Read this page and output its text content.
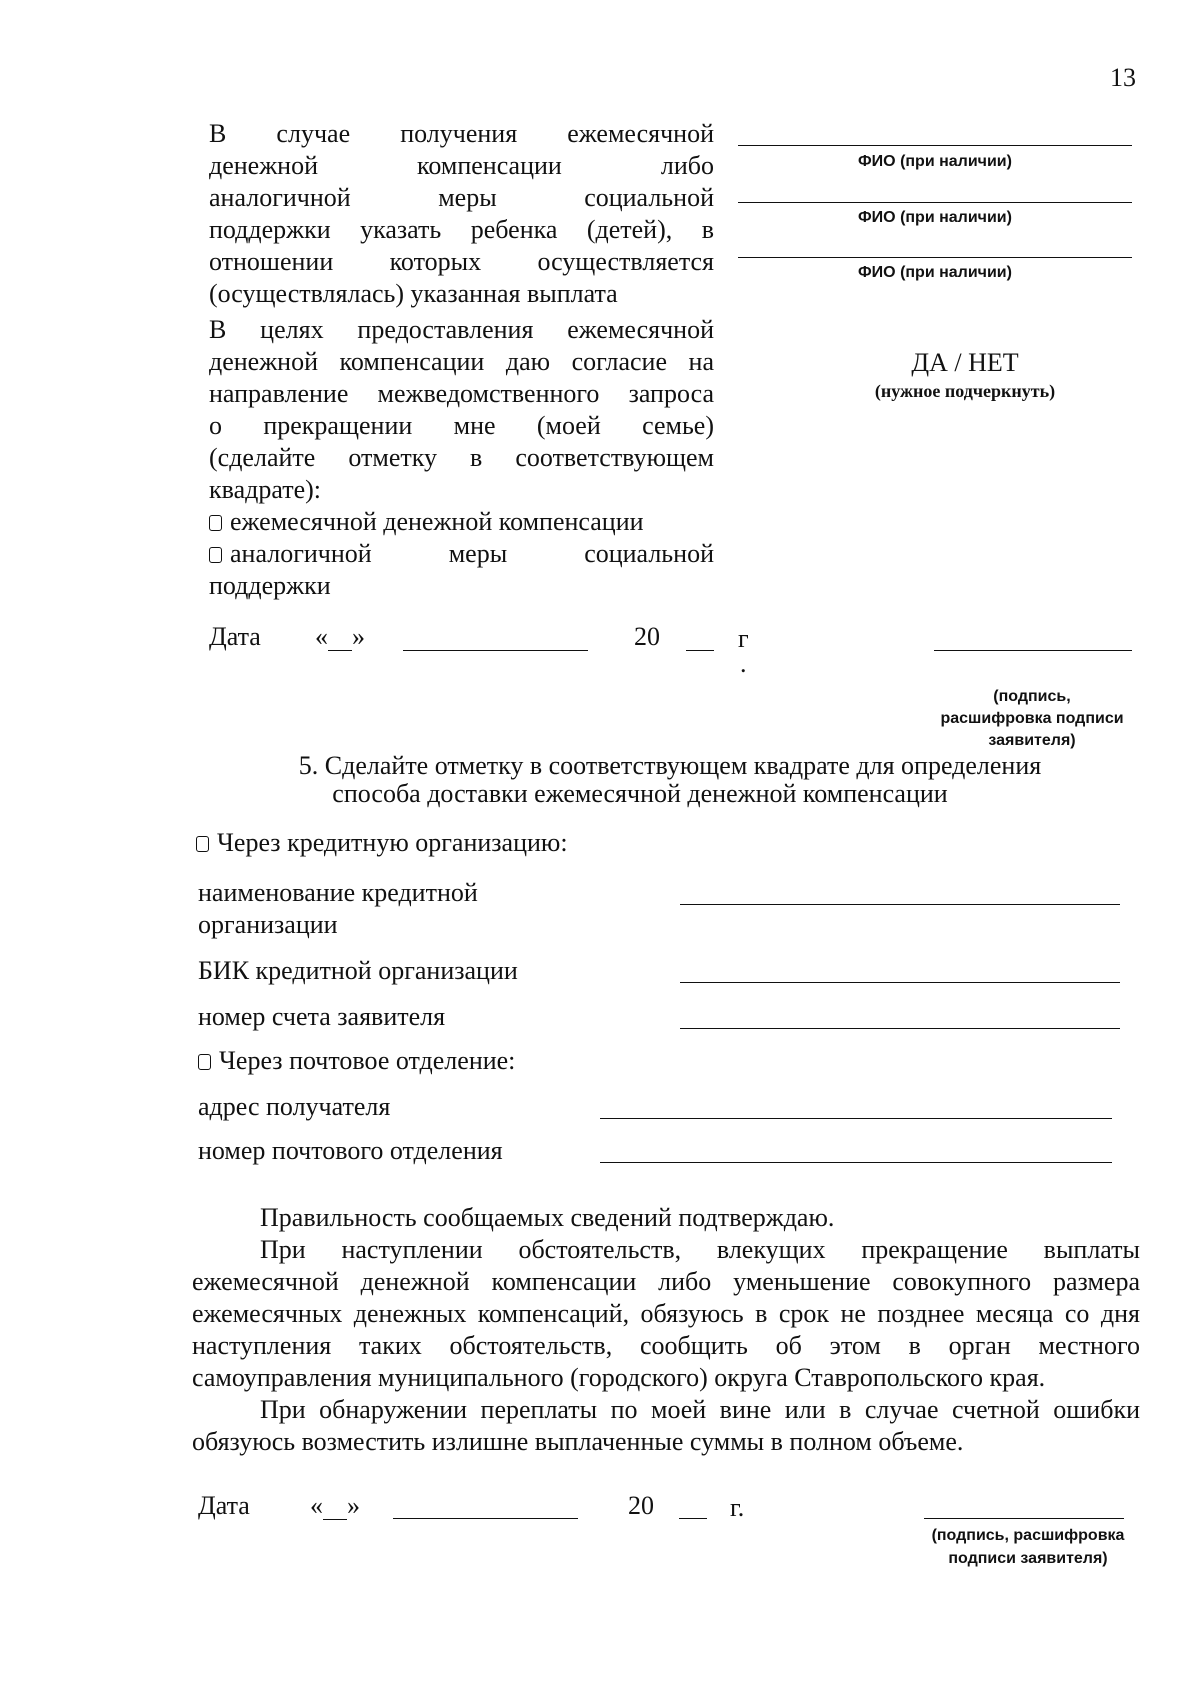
13
В случае получения ежемесячной
денежной компенсации либо
аналогичной меры социальной
поддержки указать ребенка (детей), в
отношении которых осуществляется
(осуществлялась) указанная выплата
ФИО (при наличии)
ФИО (при наличии)
ФИО (при наличии)
В целях предоставления ежемесячной
денежной компенсации даю согласие на
направление межведомственного запроса
о прекращении мне (моей семье)
(сделайте отметку в соответствующем
квадрате):
ежемесячной денежной компенсации
аналогичной меры социальной
поддержки
ДА / НЕТ
(нужное подчеркнуть)
Дата « »	20	г
.
(подпись,
расшифровка подписи
заявителя)
5. Сделайте отметку в соответствующем квадрате для определения
способа доставки ежемесячной денежной компенсации
Через кредитную организацию:
наименование кредитной
организации
БИК кредитной организации
номер счета заявителя
Через почтовое отделение:
адрес получателя
номер почтового отделения
Правильность сообщаемых сведений подтверждаю.
При наступлении обстоятельств, влекущих прекращение выплаты ежемесячной денежной компенсации либо уменьшение совокупного размера ежемесячных денежных компенсаций, обязуюсь в срок не позднее месяца со дня наступления таких обстоятельств, сообщить об этом в орган местного самоуправления муниципального (городского) округа Ставропольского края.
При обнаружении переплаты по моей вине или в случае счетной ошибки обязуюсь возместить излишне выплаченные суммы в полном объеме.
Дата « »	20	г.
(подпись, расшифровка
подписи заявителя)
